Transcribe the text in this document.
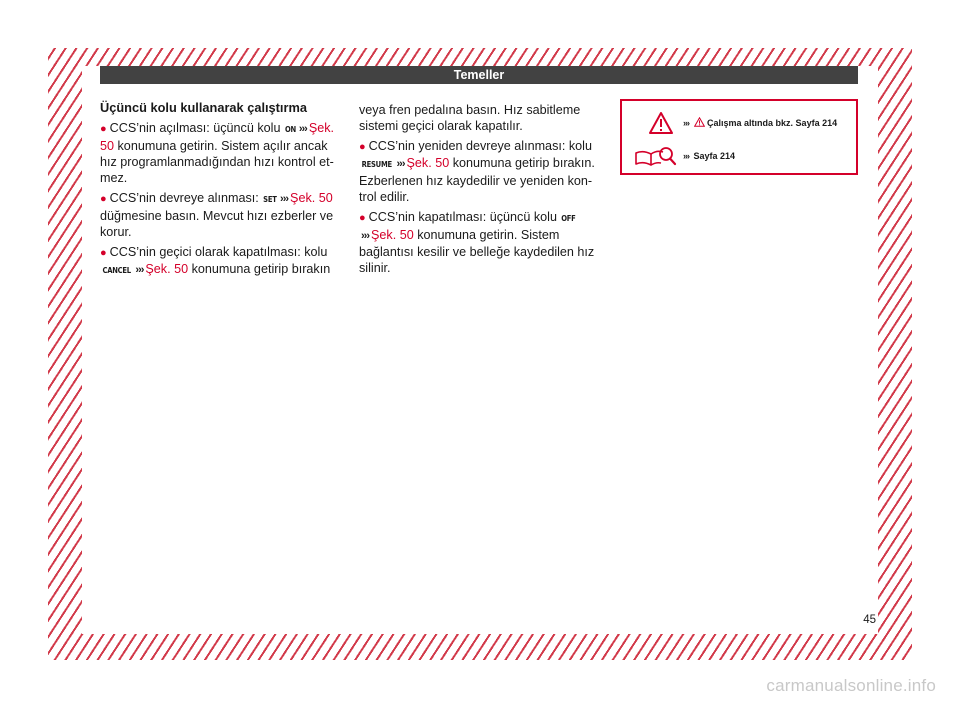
Temeller

Üçüncü kolu kullanarak çalıştırma

● CCS’nin açılması: üçüncü kolu ON ››› Şek.
50 konumuna getirin. Sistem açılır ancak hız programlanmadığından hızı kontrol et-mez.

● CCS’nin devreye alınması: SET ››› Şek. 50
düğmesine basın. Mevcut hızı ezberler ve korur.

● CCS’nin geçici olarak kapatılması: kolu
CANCEL ››› Şek. 50 konumuna getirip bırakın

veya fren pedalına basın. Hız sabitleme sistemi geçici olarak kapatılır.

● CCS’nin yeniden devreye alınması: kolu
RESUME ››› Şek. 50 konumuna getirip bırakın. Ezberlenen hız kaydedilir ve yeniden kon-trol edilir.

● CCS’nin kapatılması: üçüncü kolu OFF
››› Şek. 50 konumuna getirin. Sistem bağlantısı kesilir ve belleğe kaydedilen hız silinir.

››› Çalışma altında bkz. Sayfa 214
››› Sayfa 214
45
carmanualsonline.info
